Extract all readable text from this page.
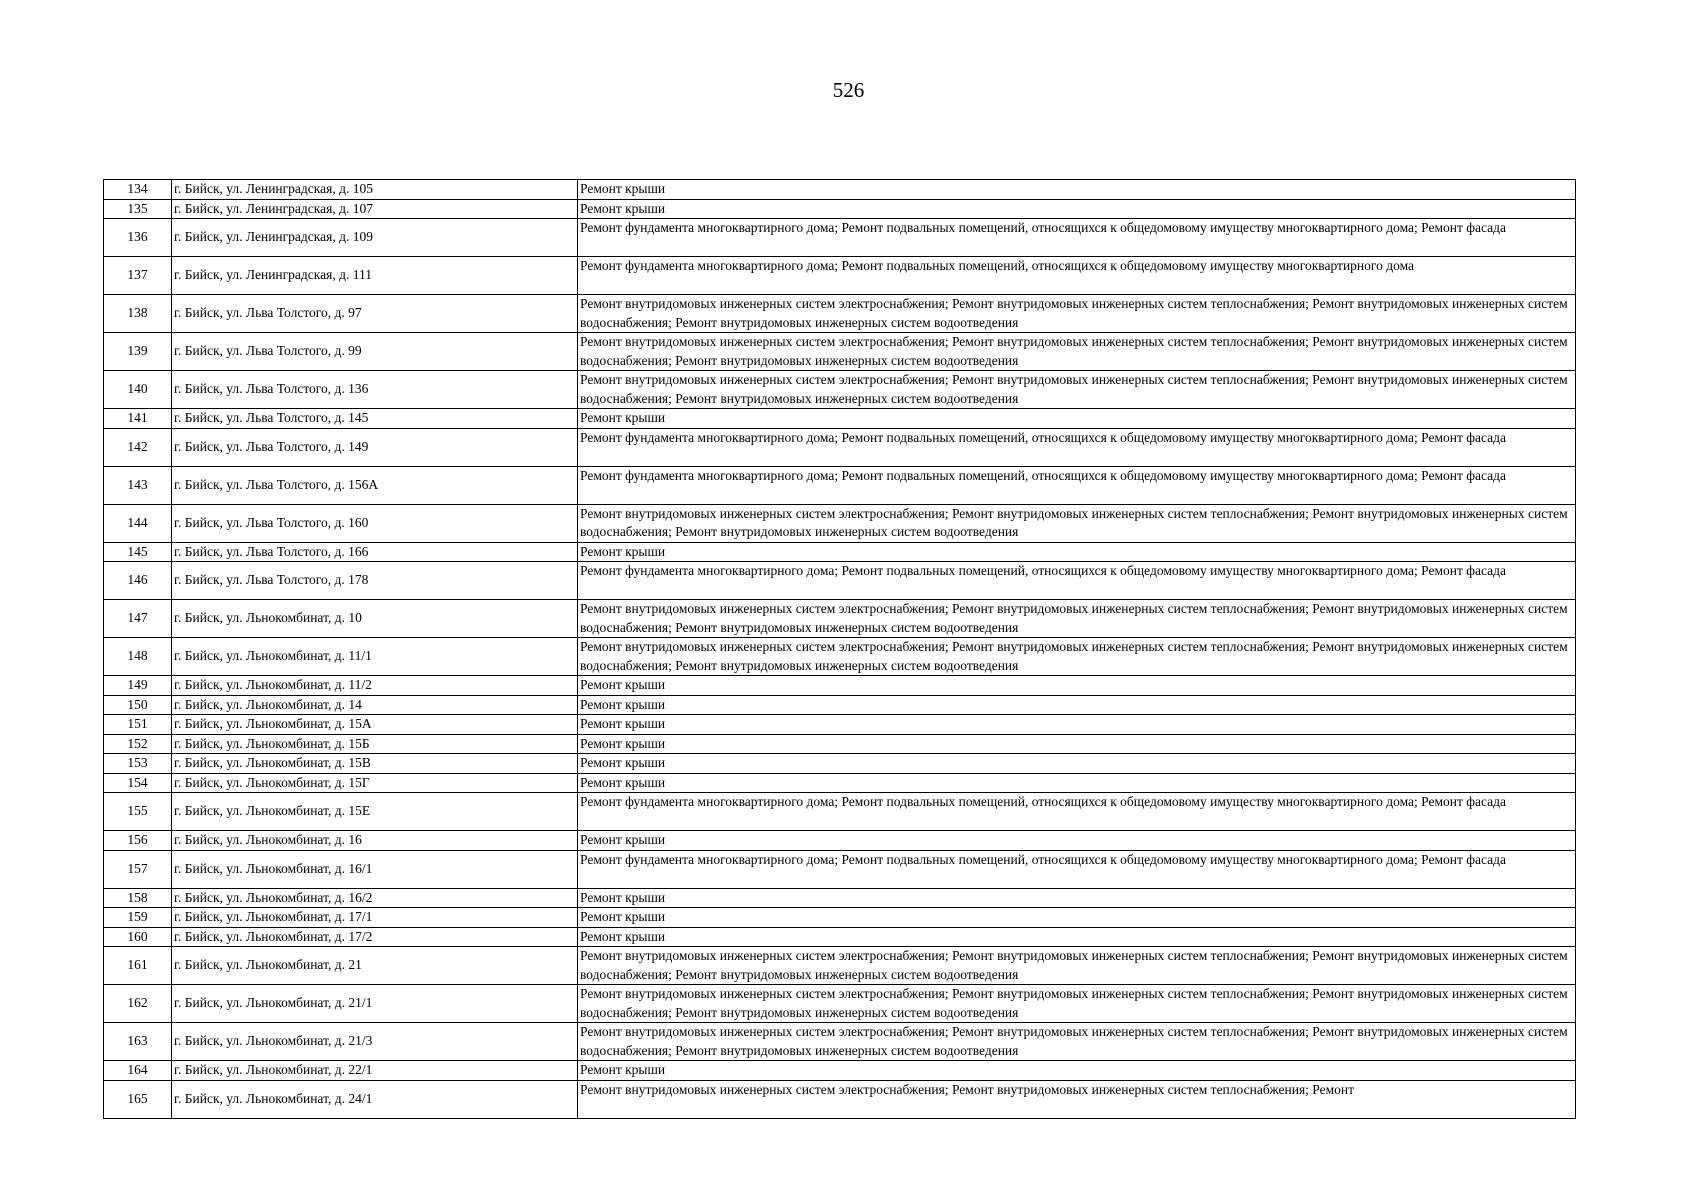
526
134	г. Бийск, ул. Ленинградская, д. 105	Ремонт крыши
135	г. Бийск, ул. Ленинградская, д. 107	Ремонт крыши
136	г. Бийск, ул. Ленинградская, д. 109	Ремонт фундамента многоквартирного дома; Ремонт подвальных помещений, относящихся к общедомовому имуществу многоквартирного дома; Ремонт фасада
137	г. Бийск, ул. Ленинградская, д. 111	Ремонт фундамента многоквартирного дома; Ремонт подвальных помещений, относящихся к общедомовому имуществу многоквартирного дома
138	г. Бийск, ул. Льва Толстого, д. 97	Ремонт внутридомовых инженерных систем электроснабжения; Ремонт внутридомовых инженерных систем теплоснабжения; Ремонт внутридомовых инженерных систем водоснабжения; Ремонт внутридомовых инженерных систем водоотведения
139	г. Бийск, ул. Льва Толстого, д. 99	Ремонт внутридомовых инженерных систем электроснабжения; Ремонт внутридомовых инженерных систем теплоснабжения; Ремонт внутридомовых инженерных систем водоснабжения; Ремонт внутридомовых инженерных систем водоотведения
140	г. Бийск, ул. Льва Толстого, д. 136	Ремонт внутридомовых инженерных систем электроснабжения; Ремонт внутридомовых инженерных систем теплоснабжения; Ремонт внутридомовых инженерных систем водоснабжения; Ремонт внутридомовых инженерных систем водоотведения
141	г. Бийск, ул. Льва Толстого, д. 145	Ремонт крыши
142	г. Бийск, ул. Льва Толстого, д. 149	Ремонт фундамента многоквартирного дома; Ремонт подвальных помещений, относящихся к общедомовому имуществу многоквартирного дома; Ремонт фасада
143	г. Бийск, ул. Льва Толстого, д. 156А	Ремонт фундамента многоквартирного дома; Ремонт подвальных помещений, относящихся к общедомовому имуществу многоквартирного дома; Ремонт фасада
144	г. Бийск, ул. Льва Толстого, д. 160	Ремонт внутридомовых инженерных систем электроснабжения; Ремонт внутридомовых инженерных систем теплоснабжения; Ремонт внутридомовых инженерных систем водоснабжения; Ремонт внутридомовых инженерных систем водоотведения
145	г. Бийск, ул. Льва Толстого, д. 166	Ремонт крыши
146	г. Бийск, ул. Льва Толстого, д. 178	Ремонт фундамента многоквартирного дома; Ремонт подвальных помещений, относящихся к общедомовому имуществу многоквартирного дома; Ремонт фасада
147	г. Бийск, ул. Льнокомбинат, д. 10	Ремонт внутридомовых инженерных систем электроснабжения; Ремонт внутридомовых инженерных систем теплоснабжения; Ремонт внутридомовых инженерных систем водоснабжения; Ремонт внутридомовых инженерных систем водоотведения
148	г. Бийск, ул. Льнокомбинат, д. 11/1	Ремонт внутридомовых инженерных систем электроснабжения; Ремонт внутридомовых инженерных систем теплоснабжения; Ремонт внутридомовых инженерных систем водоснабжения; Ремонт внутридомовых инженерных систем водоотведения
149	г. Бийск, ул. Льнокомбинат, д. 11/2	Ремонт крыши
150	г. Бийск, ул. Льнокомбинат, д. 14	Ремонт крыши
151	г. Бийск, ул. Льнокомбинат, д. 15А	Ремонт крыши
152	г. Бийск, ул. Льнокомбинат, д. 15Б	Ремонт крыши
153	г. Бийск, ул. Льнокомбинат, д. 15В	Ремонт крыши
154	г. Бийск, ул. Льнокомбинат, д. 15Г	Ремонт крыши
155	г. Бийск, ул. Льнокомбинат, д. 15Е	Ремонт фундамента многоквартирного дома; Ремонт подвальных помещений, относящихся к общедомовому имуществу многоквартирного дома; Ремонт фасада
156	г. Бийск, ул. Льнокомбинат, д. 16	Ремонт крыши
157	г. Бийск, ул. Льнокомбинат, д. 16/1	Ремонт фундамента многоквартирного дома; Ремонт подвальных помещений, относящихся к общедомовому имуществу многоквартирного дома; Ремонт фасада
158	г. Бийск, ул. Льнокомбинат, д. 16/2	Ремонт крыши
159	г. Бийск, ул. Льнокомбинат, д. 17/1	Ремонт крыши
160	г. Бийск, ул. Льнокомбинат, д. 17/2	Ремонт крыши
161	г. Бийск, ул. Льнокомбинат, д. 21	Ремонт внутридомовых инженерных систем электроснабжения; Ремонт внутридомовых инженерных систем теплоснабжения; Ремонт внутридомовых инженерных систем водоснабжения; Ремонт внутридомовых инженерных систем водоотведения
162	г. Бийск, ул. Льнокомбинат, д. 21/1	Ремонт внутридомовых инженерных систем электроснабжения; Ремонт внутридомовых инженерных систем теплоснабжения; Ремонт внутридомовых инженерных систем водоснабжения; Ремонт внутридомовых инженерных систем водоотведения
163	г. Бийск, ул. Льнокомбинат, д. 21/3	Ремонт внутридомовых инженерных систем электроснабжения; Ремонт внутридомовых инженерных систем теплоснабжения; Ремонт внутридомовых инженерных систем водоснабжения; Ремонт внутридомовых инженерных систем водоотведения
164	г. Бийск, ул. Льнокомбинат, д. 22/1	Ремонт крыши
165	г. Бийск, ул. Льнокомбинат, д. 24/1	Ремонт внутридомовых инженерных систем электроснабжения; Ремонт внутридомовых инженерных систем теплоснабжения; Ремонт
